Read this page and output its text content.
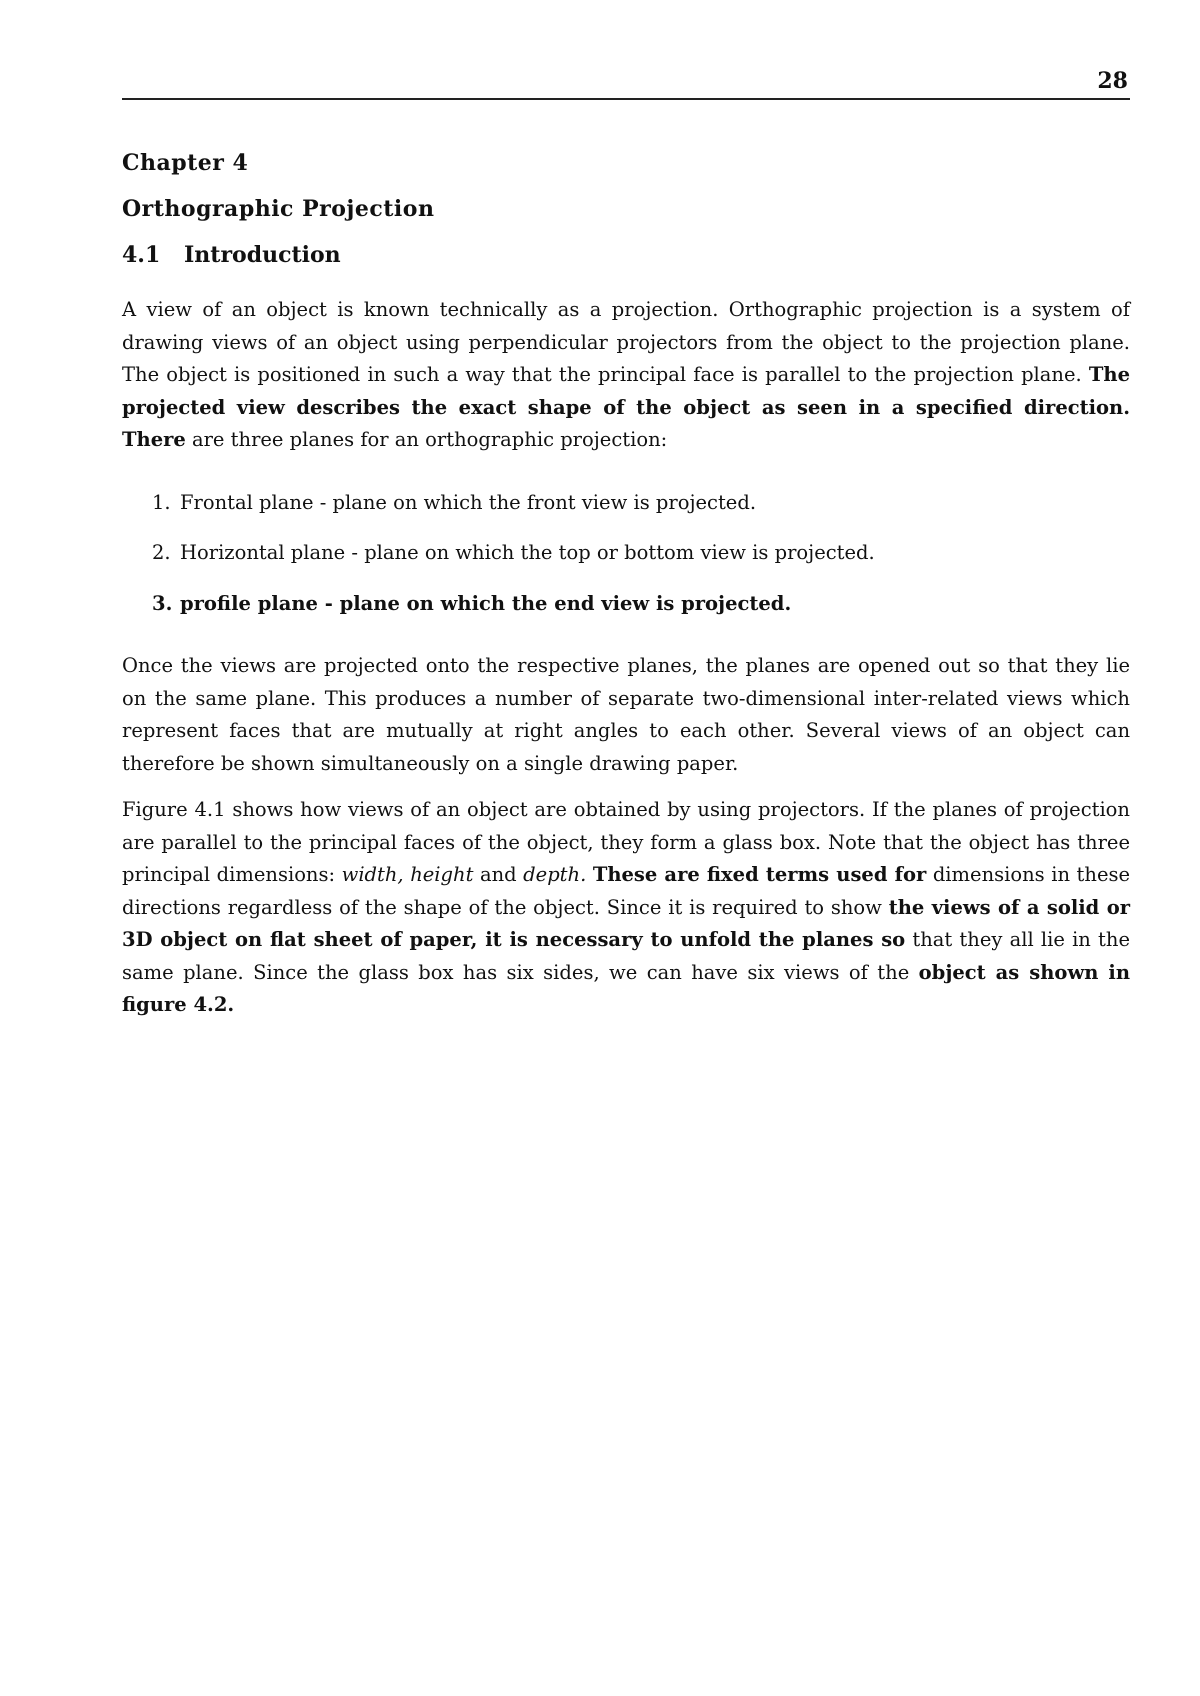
28
Chapter 4
Orthographic Projection
4.1 Introduction

A view of an object is known technically as a projection. Orthographic projection is a system of drawing views of an object using perpendicular projectors from the object to the projection plane. The object is positioned in such a way that the principal face is parallel to the projection plane. The projected view describes the exact shape of the object as seen in a specified direction. There are three planes for an orthographic projection:

1. Frontal plane - plane on which the front view is projected.
2. Horizontal plane - plane on which the top or bottom view is projected.
3. profile plane - plane on which the end view is projected.

Once the views are projected onto the respective planes, the planes are opened out so that they lie on the same plane. This produces a number of separate two-dimensional inter-related views which represent faces that are mutually at right angles to each other. Several views of an object can therefore be shown simultaneously on a single drawing paper.

Figure 4.1 shows how views of an object are obtained by using projectors. If the planes of projection are parallel to the principal faces of the object, they form a glass box. Note that the object has three principal dimensions: width, height and depth. These are fixed terms used for dimensions in these directions regardless of the shape of the object. Since it is required to show the views of a solid or 3D object on flat sheet of paper, it is necessary to unfold the planes so that they all lie in the same plane. Since the glass box has six sides, we can have six views of the object as shown in figure 4.2.
